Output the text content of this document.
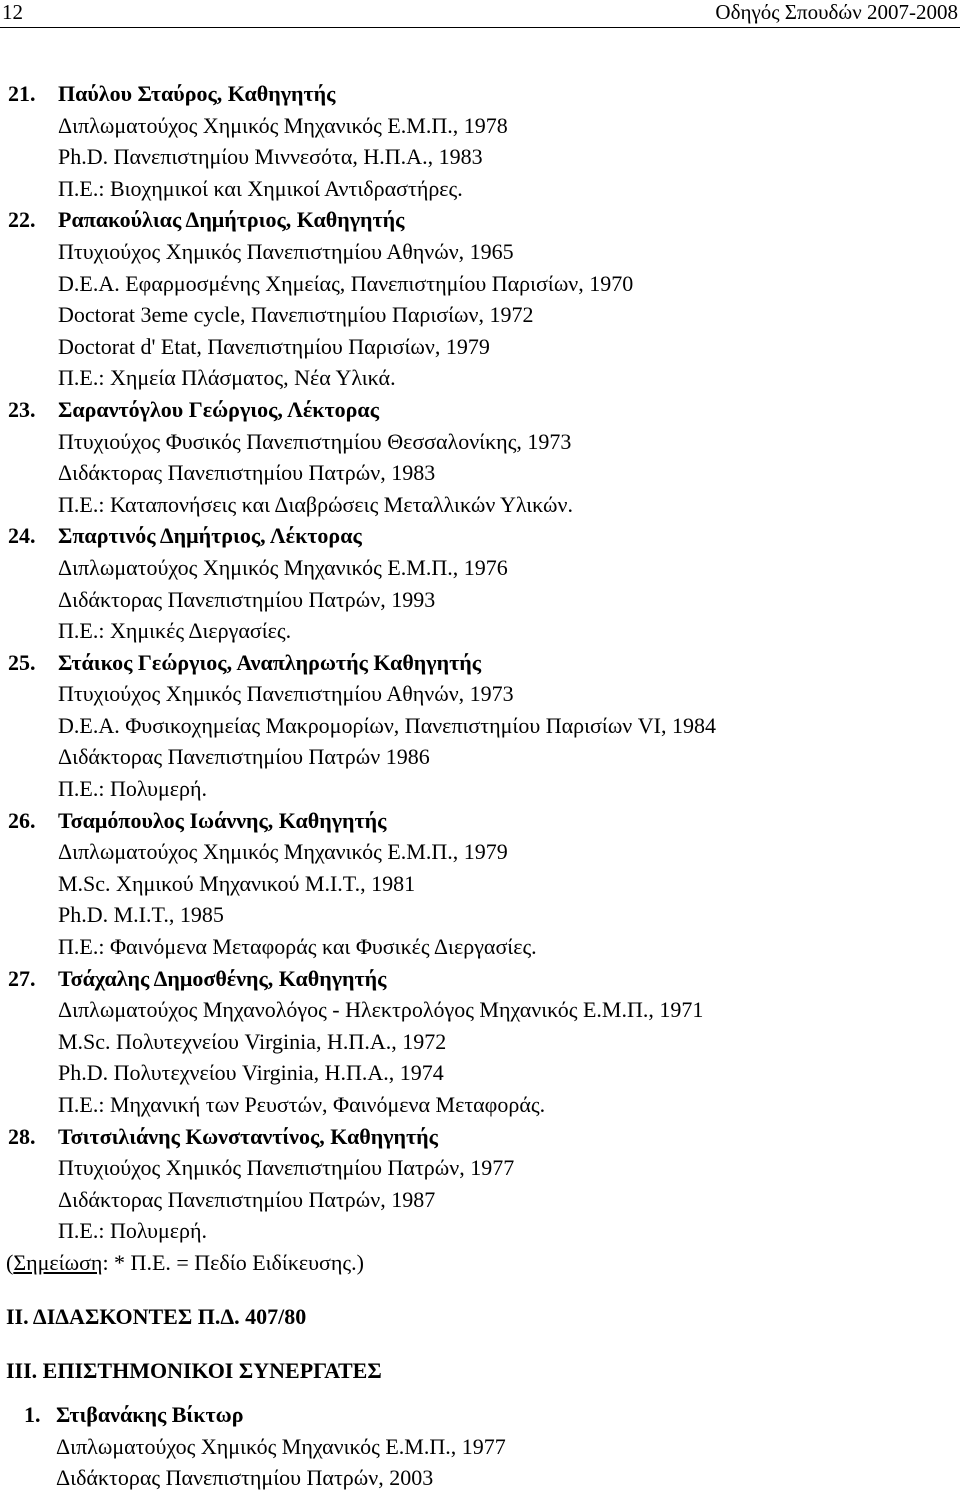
12	Οδηγός Σπουδών 2007-2008
21. Παύλου Σταύρος, Καθηγητής
Διπλωματούχος Χημικός Μηχανικός Ε.Μ.Π., 1978
Ph.D. Πανεπιστημίου Μιννεσότα, Η.Π.Α., 1983
Π.Ε.: Βιοχημικοί και Χημικοί Αντιδραστήρες.
22. Ραπακούλιας Δημήτριος, Καθηγητής
Πτυχιούχος Χημικός Πανεπιστημίου Αθηνών, 1965
D.E.A. Εφαρμοσμένης Χημείας, Πανεπιστημίου Παρισίων, 1970
Doctorat 3eme cycle, Πανεπιστημίου Παρισίων, 1972
Doctorat d' Etat, Πανεπιστημίου Παρισίων, 1979
Π.Ε.: Χημεία Πλάσματος, Νέα Υλικά.
23. Σαραντόγλου Γεώργιος, Λέκτορας
Πτυχιούχος Φυσικός Πανεπιστημίου Θεσσαλονίκης, 1973
Διδάκτορας Πανεπιστημίου Πατρών, 1983
Π.Ε.: Καταπονήσεις και Διαβρώσεις Μεταλλικών Υλικών.
24. Σπαρτινός Δημήτριος, Λέκτορας
Διπλωματούχος Χημικός Μηχανικός Ε.Μ.Π., 1976
Διδάκτορας Πανεπιστημίου Πατρών, 1993
Π.Ε.: Χημικές Διεργασίες.
25. Στάικος Γεώργιος, Αναπληρωτής Καθηγητής
Πτυχιούχος Χημικός Πανεπιστημίου Αθηνών, 1973
D.E.A. Φυσικοχημείας Μακρομορίων, Πανεπιστημίου Παρισίων VI, 1984
Διδάκτορας Πανεπιστημίου Πατρών 1986
Π.Ε.: Πολυμερή.
26. Τσαμόπουλος Ιωάννης, Καθηγητής
Διπλωματούχος Χημικός Μηχανικός Ε.Μ.Π., 1979
M.Sc. Χημικού Μηχανικού M.I.T., 1981
Ph.D. M.I.T., 1985
Π.Ε.: Φαινόμενα Μεταφοράς και Φυσικές Διεργασίες.
27. Τσάχαλης Δημοσθένης, Καθηγητής
Διπλωματούχος Μηχανολόγος - Ηλεκτρολόγος Μηχανικός Ε.Μ.Π., 1971
M.Sc. Πολυτεχνείου Virginia, Η.Π.Α., 1972
Ph.D. Πολυτεχνείου Virginia, Η.Π.Α., 1974
Π.Ε.: Μηχανική των Ρευστών, Φαινόμενα Μεταφοράς.
28. Τσιτσιλιάνης Κωνσταντίνος, Καθηγητής
Πτυχιούχος Χημικός Πανεπιστημίου Πατρών, 1977
Διδάκτορας Πανεπιστημίου Πατρών, 1987
Π.Ε.: Πολυμερή.
(Σημείωση: * Π.Ε. = Πεδίο Ειδίκευσης.)
ΙΙ. ΔΙΔΑΣΚΟΝΤΕΣ Π.Δ. 407/80
ΙΙΙ. ΕΠΙΣΤΗΜΟΝΙΚΟΙ ΣΥΝΕΡΓΑΤΕΣ
1. Στιβανάκης Βίκτωρ
Διπλωματούχος Χημικός Μηχανικός Ε.Μ.Π., 1977
Διδάκτορας Πανεπιστημίου Πατρών, 2003
